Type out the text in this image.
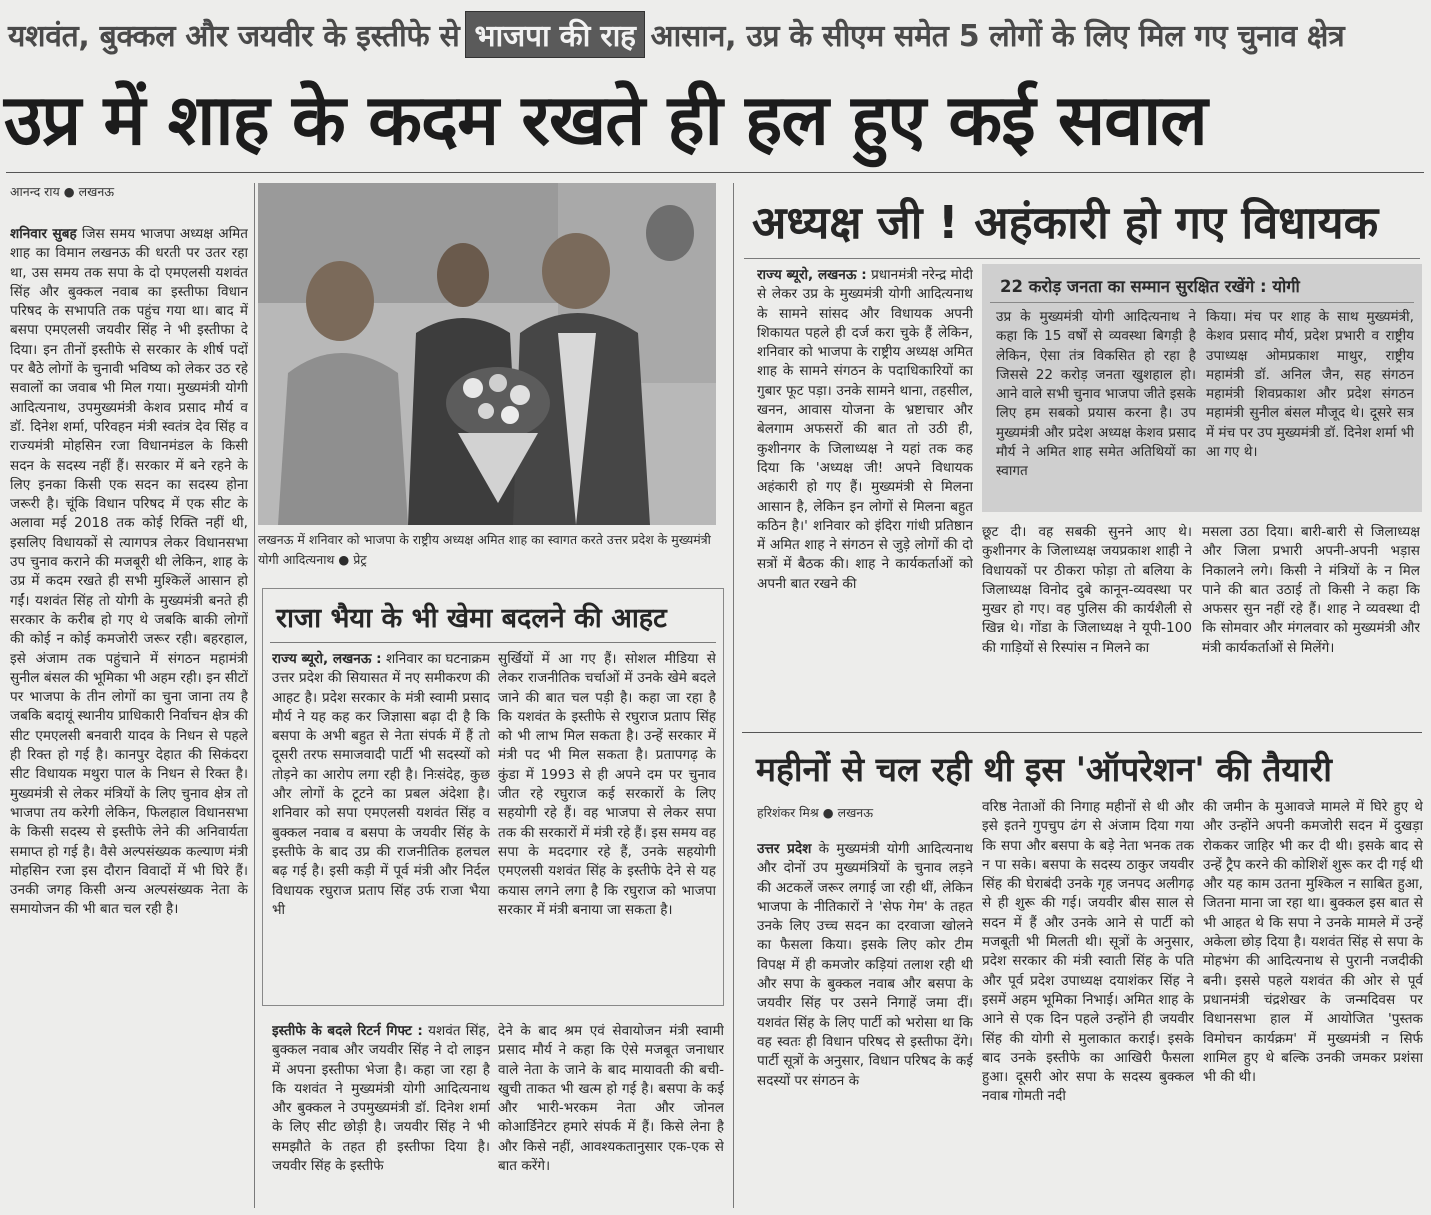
यशवंत, बुक्कल और जयवीर के इस्तीफे से भाजपा की राह आसान, उप्र के सीएम समेत 5 लोगों के लिए मिल गए चुनाव क्षेत्र
उप्र में शाह के कदम रखते ही हल हुए कई सवाल
आनन्द राय ● लखनऊ
शनिवार सुबह जिस समय भाजपा अध्यक्ष अमित शाह का विमान लखनऊ की धरती पर उतर रहा था, उस समय तक सपा के दो एमएलसी यशवंत सिंह और बुक्कल नवाब का इस्तीफा विधान परिषद के सभापति तक पहुंच गया था। बाद में बसपा एमएलसी जयवीर सिंह ने भी इस्तीफा दे दिया। इन तीनों इस्तीफे से सरकार के शीर्ष पदों पर बैठे लोगों के चुनावी भविष्य को लेकर उठ रहे सवालों का जवाब भी मिल गया। मुख्यमंत्री योगी आदित्यनाथ, उपमुख्यमंत्री केशव प्रसाद मौर्य व डॉ. दिनेश शर्मा, परिवहन मंत्री स्वतंत्र देव सिंह व राज्यमंत्री मोहसिन रजा विधानमंडल के किसी सदन के सदस्य नहीं हैं। सरकार में बने रहने के लिए इनका किसी एक सदन का सदस्य होना जरूरी है। चूंकि विधान परिषद में एक सीट के अलावा मई 2018 तक कोई रिक्ति नहीं थी, इसलिए विधायकों से त्यागपत्र लेकर विधानसभा उप चुनाव कराने की मजबूरी थी लेकिन, शाह के उप्र में कदम रखते ही सभी मुश्किलें आसान हो गईं। यशवंत सिंह तो योगी के मुख्यमंत्री बनते ही सरकार के करीब हो गए थे जबकि बाकी लोगों की कोई न कोई कमजोरी जरूर रही। बहरहाल, इसे अंजाम तक पहुंचाने में संगठन महामंत्री सुनील बंसल की भूमिका भी अहम रही। इन सीटों पर भाजपा के तीन लोगों का चुना जाना तय है जबकि बदायूं स्थानीय प्राधिकारी निर्वाचन क्षेत्र की सीट एमएलसी बनवारी यादव के निधन से पहले ही रिक्त हो गई है। कानपुर देहात की सिकंदरा सीट विधायक मथुरा पाल के निधन से रिक्त है। मुख्यमंत्री से लेकर मंत्रियों के लिए चुनाव क्षेत्र तो भाजपा तय करेगी लेकिन, फिलहाल विधानसभा के किसी सदस्य से इस्तीफे लेने की अनिवार्यता समाप्त हो गई है। वैसे अल्पसंख्यक कल्याण मंत्री मोहसिन रजा इस दौरान विवादों में भी घिरे हैं। उनकी जगह किसी अन्य अल्पसंख्यक नेता के समायोजन की भी बात चल रही है।
लखनऊ में शनिवार को भाजपा के राष्ट्रीय अध्यक्ष अमित शाह का स्वागत करते उत्तर प्रदेश के मुख्यमंत्री योगी आदित्यनाथ ● प्रेट्र
राजा भैया के भी खेमा बदलने की आहट
राज्य ब्यूरो, लखनऊ : शनिवार का घटनाक्रम उत्तर प्रदेश की सियासत में नए समीकरण की आहट है। प्रदेश सरकार के मंत्री स्वामी प्रसाद मौर्य ने यह कह कर जिज्ञासा बढ़ा दी है कि बसपा के अभी बहुत से नेता संपर्क में हैं तो दूसरी तरफ समाजवादी पार्टी भी सदस्यों को तोड़ने का आरोप लगा रही है। निःसंदेह, कुछ और लोगों के टूटने का प्रबल अंदेशा है। शनिवार को सपा एमएलसी यशवंत सिंह व बुक्कल नवाब व बसपा के जयवीर सिंह के इस्तीफे के बाद उप्र की राजनीतिक हलचल बढ़ गई है। इसी कड़ी में पूर्व मंत्री और निर्दल विधायक रघुराज प्रताप सिंह उर्फ राजा भैया भी
सुर्खियों में आ गए हैं। सोशल मीडिया से लेकर राजनीतिक चर्चाओं में उनके खेमे बदले जाने की बात चल पड़ी है। कहा जा रहा है कि यशवंत के इस्तीफे से रघुराज प्रताप सिंह को भी लाभ मिल सकता है। उन्हें सरकार में मंत्री पद भी मिल सकता है। प्रतापगढ़ के कुंडा में 1993 से ही अपने दम पर चुनाव जीत रहे रघुराज कई सरकारों के लिए सहयोगी रहे हैं। वह भाजपा से लेकर सपा तक की सरकारों में मंत्री रहे हैं। इस समय वह सपा के मददगार रहे हैं, उनके सहयोगी एमएलसी यशवंत सिंह के इस्तीफे देने से यह कयास लगने लगा है कि रघुराज को भाजपा सरकार में मंत्री बनाया जा सकता है।
इस्तीफे के बदले रिटर्न गिफ्ट : यशवंत सिंह, बुक्कल नवाब और जयवीर सिंह ने दो लाइन में अपना इस्तीफा भेजा है। कहा जा रहा है कि यशवंत ने मुख्यमंत्री योगी आदित्यनाथ और बुक्कल ने उपमुख्यमंत्री डॉ. दिनेश शर्मा के लिए सीट छोड़ी है। जयवीर सिंह ने भी समझौते के तहत ही इस्तीफा दिया है। जयवीर सिंह के इस्तीफे
देने के बाद श्रम एवं सेवायोजन मंत्री स्वामी प्रसाद मौर्य ने कहा कि ऐसे मजबूत जनाधार वाले नेता के जाने के बाद मायावती की बची-खुची ताकत भी खत्म हो गई है। बसपा के कई और भारी-भरकम नेता और जोनल कोआर्डिनेटर हमारे संपर्क में हैं। किसे लेना है और किसे नहीं, आवश्यकतानुसार एक-एक से बात करेंगे।
अध्यक्ष जी ! अहंकारी हो गए विधायक
राज्य ब्यूरो, लखनऊ : प्रधानमंत्री नरेन्द्र मोदी से लेकर उप्र के मुख्यमंत्री योगी आदित्यनाथ के सामने सांसद और विधायक अपनी शिकायत पहले ही दर्ज करा चुके हैं लेकिन, शनिवार को भाजपा के राष्ट्रीय अध्यक्ष अमित शाह के सामने संगठन के पदाधिकारियों का गुबार फूट पड़ा। उनके सामने थाना, तहसील, खनन, आवास योजना के भ्रष्टाचार और बेलगाम अफसरों की बात तो उठी ही, कुशीनगर के जिलाध्यक्ष ने यहां तक कह दिया कि 'अध्यक्ष जी! अपने विधायक अहंकारी हो गए हैं। मुख्यमंत्री से मिलना आसान है, लेकिन इन लोगों से मिलना बहुत कठिन है।' शनिवार को इंदिरा गांधी प्रतिष्ठान में अमित शाह ने संगठन से जुड़े लोगों की दो सत्रों में बैठक की। शाह ने कार्यकर्ताओं को अपनी बात रखने की
छूट दी। वह सबकी सुनने आए थे। कुशीनगर के जिलाध्यक्ष जयप्रकाश शाही ने विधायकों पर ठीकरा फोड़ा तो बलिया के जिलाध्यक्ष विनोद दुबे कानून-व्यवस्था पर मुखर हो गए। वह पुलिस की कार्यशैली से खिन्न थे। गोंडा के जिलाध्यक्ष ने यूपी-100 की गाड़ियों से रिस्पांस न मिलने का
मसला उठा दिया। बारी-बारी से जिलाध्यक्ष और जिला प्रभारी अपनी-अपनी भड़ास निकालने लगे। किसी ने मंत्रियों के न मिल पाने की बात उठाई तो किसी ने कहा कि अफसर सुन नहीं रहे हैं। शाह ने व्यवस्था दी कि सोमवार और मंगलवार को मुख्यमंत्री और मंत्री कार्यकर्ताओं से मिलेंगे।
22 करोड़ जनता का सम्मान सुरक्षित रखेंगे : योगी
उप्र के मुख्यमंत्री योगी आदित्यनाथ ने कहा कि 15 वर्षों से व्यवस्था बिगड़ी है लेकिन, ऐसा तंत्र विकसित हो रहा है जिससे 22 करोड़ जनता खुशहाल हो। आने वाले सभी चुनाव भाजपा जीते इसके लिए हम सबको प्रयास करना है। उप मुख्यमंत्री और प्रदेश अध्यक्ष केशव प्रसाद मौर्य ने अमित शाह समेत अतिथियों का स्वागत
किया। मंच पर शाह के साथ मुख्यमंत्री, केशव प्रसाद मौर्य, प्रदेश प्रभारी व राष्ट्रीय उपाध्यक्ष ओमप्रकाश माथुर, राष्ट्रीय महामंत्री डॉ. अनिल जैन, सह संगठन महामंत्री शिवप्रकाश और प्रदेश संगठन महामंत्री सुनील बंसल मौजूद थे। दूसरे सत्र में मंच पर उप मुख्यमंत्री डॉ. दिनेश शर्मा भी आ गए थे।
महीनों से चल रही थी इस 'ऑपरेशन' की तैयारी
हरिशंकर मिश्र ● लखनऊ
उत्तर प्रदेश के मुख्यमंत्री योगी आदित्यनाथ और दोनों उप मुख्यमंत्रियों के चुनाव लड़ने की अटकलें जरूर लगाई जा रही थीं, लेकिन भाजपा के नीतिकारों ने 'सेफ गेम' के तहत उनके लिए उच्च सदन का दरवाजा खोलने का फैसला किया। इसके लिए कोर टीम विपक्ष में ही कमजोर कड़ियां तलाश रही थी और सपा के बुक्कल नवाब और बसपा के जयवीर सिंह पर उसने निगाहें जमा दीं। यशवंत सिंह के लिए पार्टी को भरोसा था कि वह स्वतः ही विधान परिषद से इस्तीफा देंगे। पार्टी सूत्रों के अनुसार, विधान परिषद के कई सदस्यों पर संगठन के
वरिष्ठ नेताओं की निगाह महीनों से थी और इसे इतने गुपचुप ढंग से अंजाम दिया गया कि सपा और बसपा के बड़े नेता भनक तक न पा सके। बसपा के सदस्य ठाकुर जयवीर सिंह की घेराबंदी उनके गृह जनपद अलीगढ़ से ही शुरू की गई। जयवीर बीस साल से सदन में हैं और उनके आने से पार्टी को मजबूती भी मिलती थी। सूत्रों के अनुसार, प्रदेश सरकार की मंत्री स्वाती सिंह के पति और पूर्व प्रदेश उपाध्यक्ष दयाशंकर सिंह ने इसमें अहम भूमिका निभाई। अमित शाह के आने से एक दिन पहले उन्होंने ही जयवीर सिंह की योगी से मुलाकात कराई। इसके बाद उनके इस्तीफे का आखिरी फैसला हुआ। दूसरी ओर सपा के सदस्य बुक्कल नवाब गोमती नदी
की जमीन के मुआवजे मामले में घिरे हुए थे और उन्होंने अपनी कमजोरी सदन में दुखड़ा रोककर जाहिर भी कर दी थी। इसके बाद से उन्हें ट्रैप करने की कोशिशें शुरू कर दी गई थी और यह काम उतना मुश्किल न साबित हुआ, जितना माना जा रहा था। बुक्कल इस बात से भी आहत थे कि सपा ने उनके मामले में उन्हें अकेला छोड़ दिया है। यशवंत सिंह से सपा के मोहभंग की आदित्यनाथ से पुरानी नजदीकी बनी। इससे पहले यशवंत की ओर से पूर्व प्रधानमंत्री चंद्रशेखर के जन्मदिवस पर विधानसभा हाल में आयोजित 'पुस्तक विमोचन कार्यक्रम' में मुख्यमंत्री न सिर्फ शामिल हुए थे बल्कि उनकी जमकर प्रशंसा भी की थी।
